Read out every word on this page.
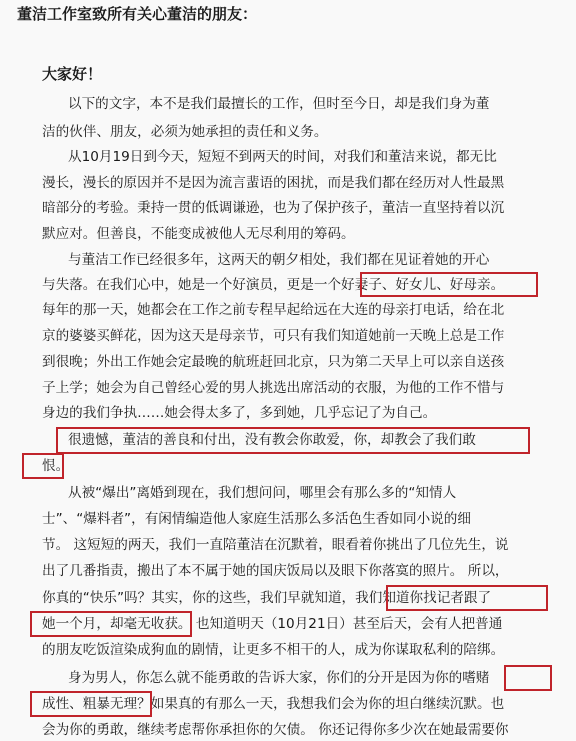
董洁工作室致所有关心董洁的朋友：
大家好！
以下的文字，本不是我们最擅长的工作，但时至今日，却是我们身为董
洁的伙伴、朋友，必须为她承担的责任和义务。
从10月19日到今天，短短不到两天的时间，对我们和董洁来说，都无比
漫长，漫长的原因并不是因为流言蜚语的困扰，而是我们都在经历对人性最黑
暗部分的考验。秉持一贯的低调谦逊，也为了保护孩子，董洁一直坚持着以沉
默应对。但善良，不能变成被他人无尽利用的筹码。
与董洁工作已经很多年，这两天的朝夕相处，我们都在见证着她的开心
与失落。在我们心中，她是一个好演员，更是一个好妻子、好女儿、好母亲。
每年的那一天，她都会在工作之前专程早起给远在大连的母亲打电话，给在北
京的婆婆买鲜花，因为这天是母亲节，可只有我们知道她前一天晚上总是工作
到很晚；外出工作她会定最晚的航班赶回北京，只为第二天早上可以亲自送孩
子上学；她会为自己曾经心爱的男人挑选出席活动的衣服，为他的工作不惜与
身边的我们争执……她会得太多了，多到她，几乎忘记了为自己。
很遗憾，董洁的善良和付出，没有教会你敢爱，你，却教会了我们敢
恨。
从被“爆出”离婚到现在，我们想问问，哪里会有那么多的“知情人
士”、“爆料者”，有闲情编造他人家庭生活那么多活色生香如同小说的细
节。 这短短的两天，我们一直陪董洁在沉默着，眼看着你挑出了几位先生，说
出了几番指责，搬出了本不属于她的国庆饭局以及眼下你落寞的照片。 所以，
你真的“快乐”吗？其实，你的这些，我们早就知道，我们知道你找记者跟了
她一个月，却毫无收获。 也知道明天（10月21日）甚至后天，会有人把普通
的朋友吃饭渲染成狗血的剧情，让更多不相干的人，成为你谋取私利的陪绑。
身为男人，你怎么就不能勇敢的告诉大家，你们的分开是因为你的嗜赌
成性、粗暴无理？如果真的有那么一天，我想我们会为你的坦白继续沉默。也
会为你的勇敢，继续考虑帮你承担你的欠债。 你还记得你多少次在她最需要你
